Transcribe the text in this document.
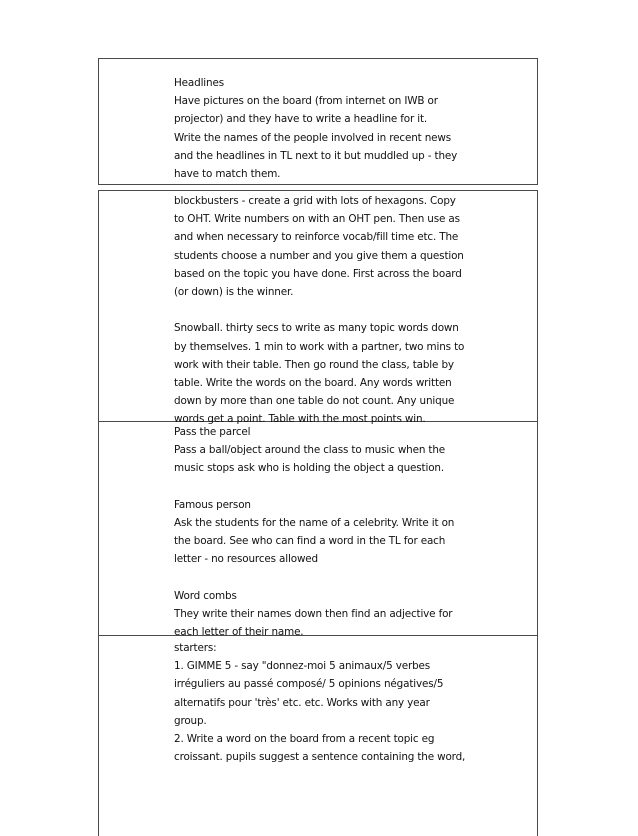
Headlines
Have pictures on the board (from internet on IWB or
projector) and they have to write a headline for it.
Write the names of the people involved in recent news
and the headlines in TL next to it but muddled up - they
have to match them.
blockbusters - create a grid with lots of hexagons. Copy
to OHT. Write numbers on with an OHT pen. Then use as
and when necessary to reinforce vocab/fill time etc. The
students choose a number and you give them a question
based on the topic you have done. First across the board
(or down) is the winner.
Snowball. thirty secs to write as many topic words down
by themselves. 1 min to work with a partner, two mins to
work with their table. Then go round the class, table by
table. Write the words on the board. Any words written
down by more than one table do not count. Any unique
words get a point. Table with the most points win.
Pass the parcel
Pass a ball/object around the class to music when the
music stops ask who is holding the object a question.
Famous person
Ask the students for the name of a celebrity. Write it on
the board. See who can find a word in the TL for each
letter - no resources allowed
Word combs
They write their names down then find an adjective for
each letter of their name.
starters:
1. GIMME 5 - say "donnez-moi 5 animaux/5 verbes
irréguliers au passé composé/ 5 opinions négatives/5
alternatifs pour 'très' etc. etc. Works with any year
group.
2. Write a word on the board from a recent topic eg
croissant. pupils suggest a sentence containing the word,
